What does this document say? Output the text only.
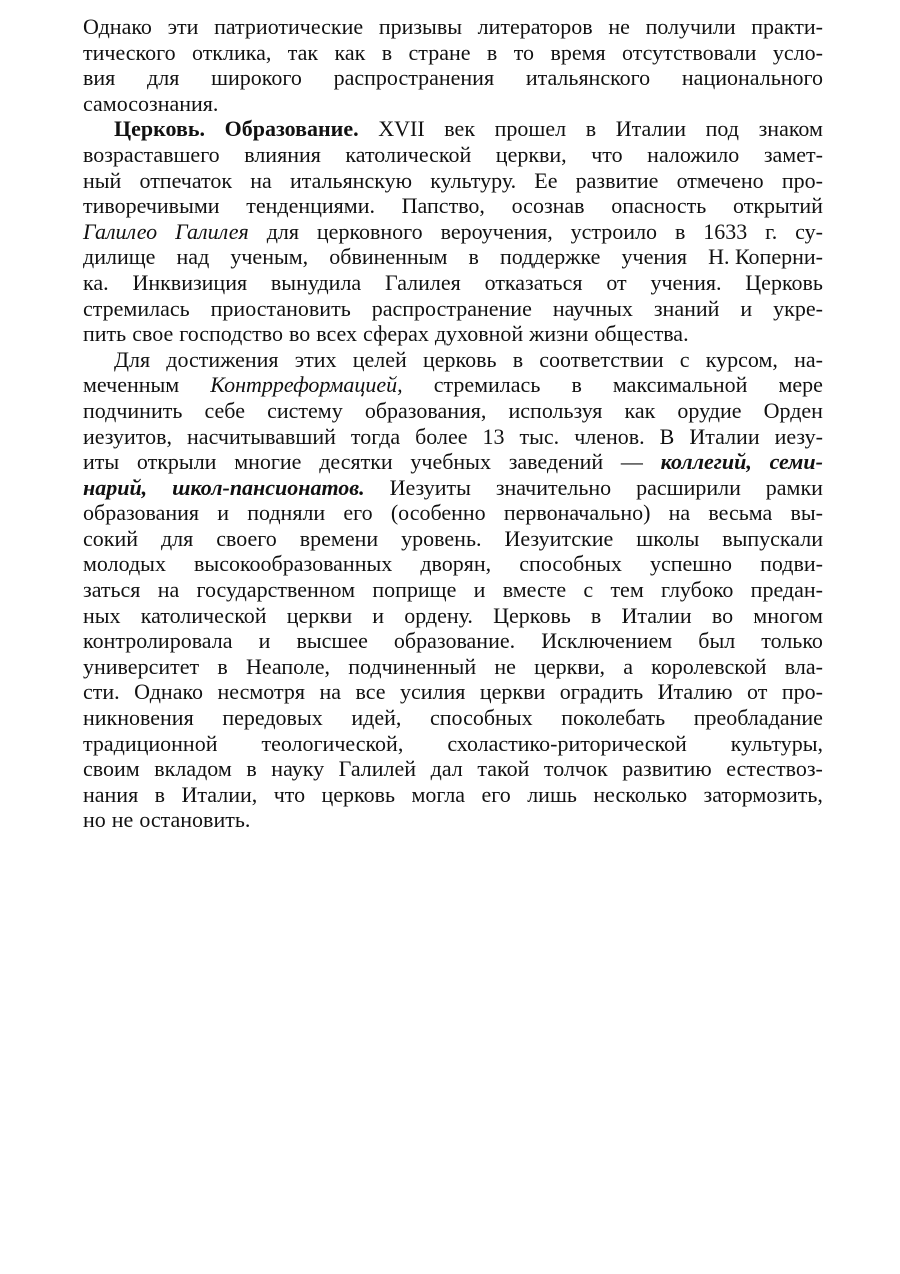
Однако эти патриотические призывы литераторов не получили практи-
тического отклика, так как в стране в то время отсутствовали усло-
вия для широкого распространения итальянского национального
самосознания.
Церковь. Образование. XVII век прошел в Италии под знаком
возраставшего влияния католической церкви, что наложило замет-
ный отпечаток на итальянскую культуру. Ее развитие отмечено про-
тиворечивыми тенденциями. Папство, осознав опасность открытий
Галилео Галилея для церковного вероучения, устроило в 1633 г. су-
дилище над ученым, обвиненным в поддержке учения Н. Коперни-
ка. Инквизиция вынудила Галилея отказаться от учения. Церковь
стремилась приостановить распространение научных знаний и укре-
пить свое господство во всех сферах духовной жизни общества.
Для достижения этих целей церковь в соответствии с курсом, на-
меченным Контрреформацией, стремилась в максимальной мере
подчинить себе систему образования, используя как орудие Орден
иезуитов, насчитывавший тогда более 13 тыс. членов. В Италии иезу-
иты открыли многие десятки учебных заведений — коллегий, семи-
нарий, школ-пансионатов. Иезуиты значительно расширили рамки
образования и подняли его (особенно первоначально) на весьма вы-
сокий для своего времени уровень. Иезуитские школы выпускали
молодых высокообразованных дворян, способных успешно подви-
заться на государственном поприще и вместе с тем глубоко предан-
ных католической церкви и ордену. Церковь в Италии во многом
контролировала и высшее образование. Исключением был только
университет в Неаполе, подчиненный не церкви, а королевской вла-
сти. Однако несмотря на все усилия церкви оградить Италию от про-
никновения передовых идей, способных поколебать преобладание
традиционной теологической, схоластико-риторической культуры,
своим вкладом в науку Галилей дал такой толчок развитию естествоз-
нания в Италии, что церковь могла его лишь несколько затормозить,
но не остановить.
